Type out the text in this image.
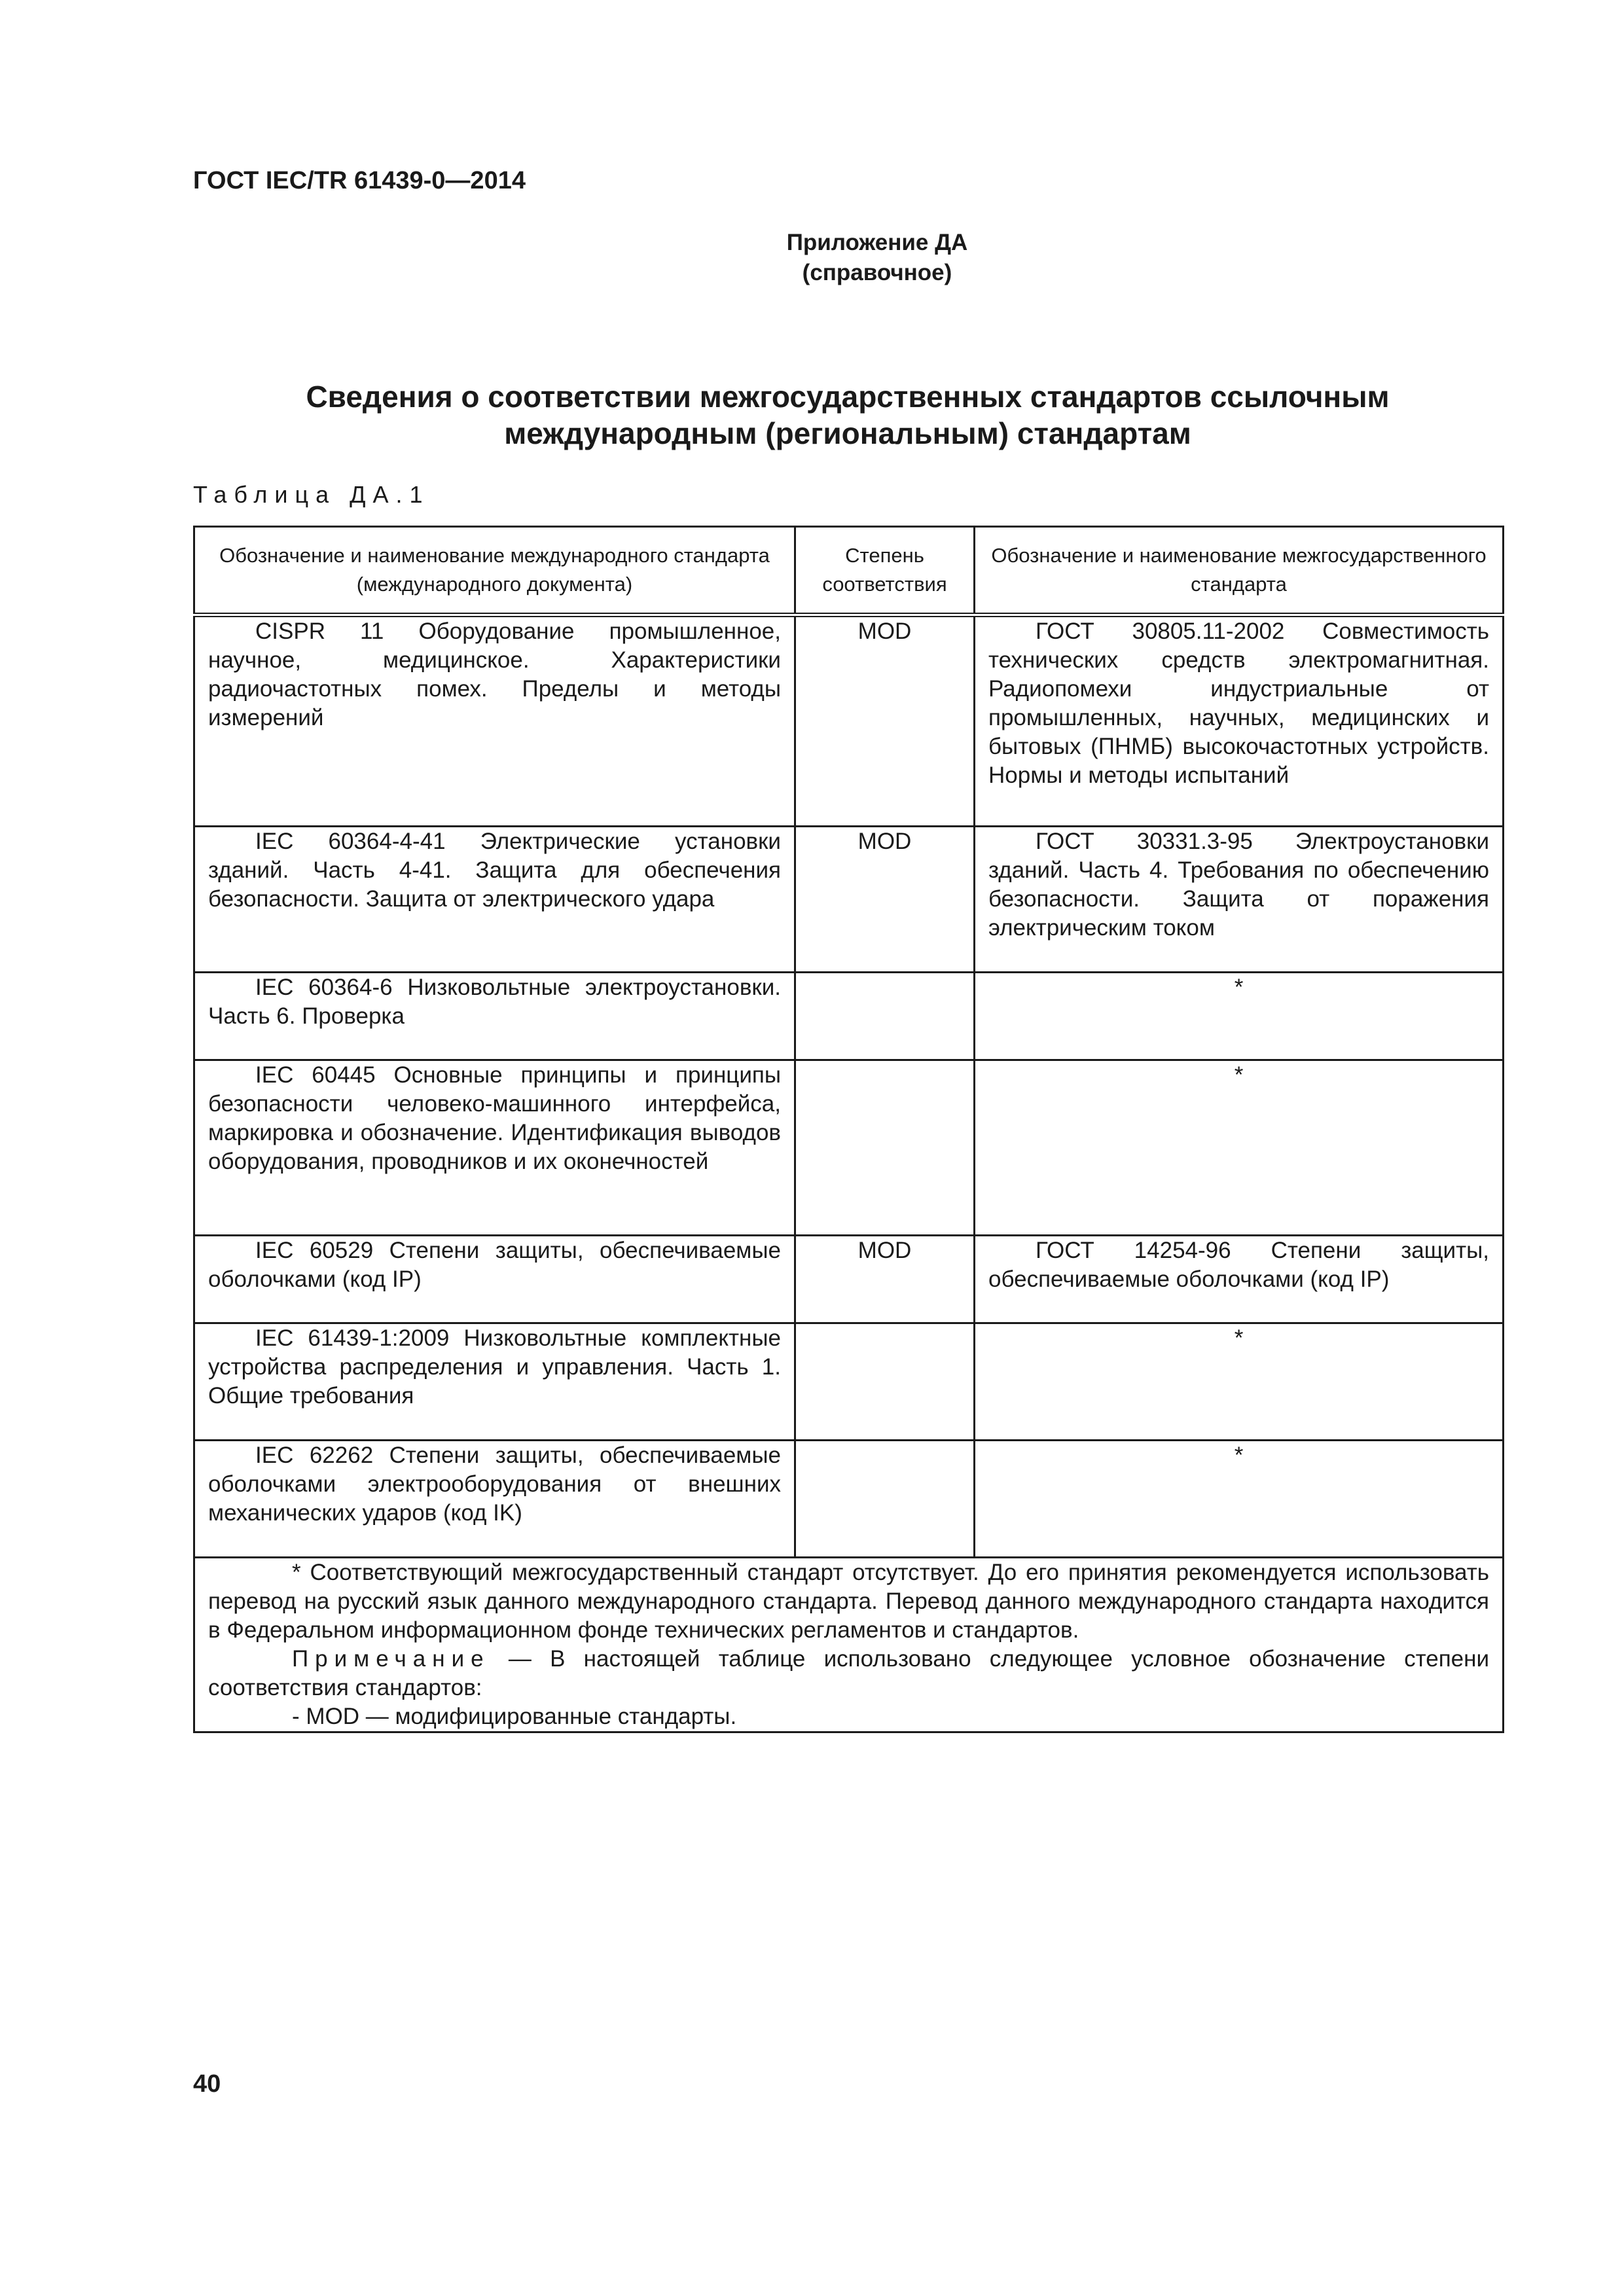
ГОСТ IEC/TR 61439-0—2014
Приложение ДА
(справочное)
Сведения о соответствии межгосударственных стандартов ссылочным
международным (региональным) стандартам
Таблица ДА.1
Обозначение и наименование международного стандарта (международного документа)	Степень соответствия	Обозначение и наименование межгосударственного стандарта
CISPR 11 Оборудование промышленное, научное, медицинское. Характеристики радиочастотных помех. Пределы и методы измерений	MOD	ГОСТ 30805.11-2002 Совместимость технических средств электромагнитная. Радиопомехи индустриальные от промышленных, научных, медицинских и бытовых (ПНМБ) высокочастотных устройств. Нормы и методы испытаний
IEC 60364-4-41 Электрические установки зданий. Часть 4-41. Защита для обеспечения безопасности. Защита от электрического удара	MOD	ГОСТ 30331.3-95 Электроустановки зданий. Часть 4. Требования по обеспечению безопасности. Защита от поражения электрическим током
IEC 60364-6 Низковольтные электроустановки. Часть 6. Проверка		*
IEC 60445 Основные принципы и принципы безопасности человеко-машинного интерфейса, маркировка и обозначение. Идентификация выводов оборудования, проводников и их оконечностей		*
IEC 60529 Степени защиты, обеспечиваемые оболочками (код IP)	MOD	ГОСТ 14254-96 Степени защиты, обеспечиваемые оболочками (код IP)
IEC 61439-1:2009 Низковольтные комплектные устройства распределения и управления. Часть 1. Общие требования		*
IEC 62262 Степени защиты, обеспечиваемые оболочками электрооборудования от внешних механических ударов (код IK)		*

* Соответствующий межгосударственный стандарт отсутствует. До его принятия рекомендуется использовать перевод на русский язык данного международного стандарта. Перевод данного международного стандарта находится в Федеральном информационном фонде технических регламентов и стандартов.
Примечание — В настоящей таблице использовано следующее условное обозначение степени соответствия стандартов:
- MOD — модифицированные стандарты.		
40
